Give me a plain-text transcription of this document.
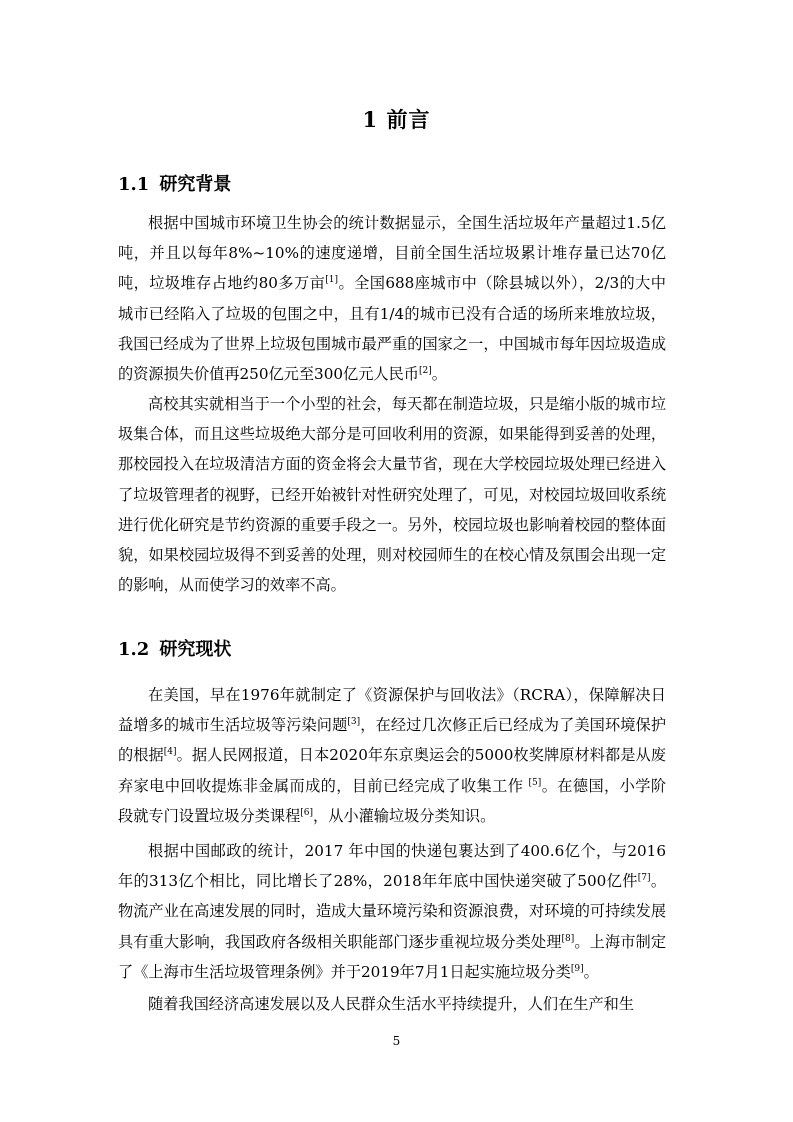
1 前言
1.1 研究背景

根据中国城市环境卫生协会的统计数据显示，全国生活垃圾年产量超过1.5亿吨，并且以每年8%~10%的速度递增，目前全国生活垃圾累计堆存量已达70亿吨，垃圾堆存占地约80多万亩[1]。全国688座城市中（除县城以外），2/3的大中城市已经陷入了垃圾的包围之中，且有1/4的城市已没有合适的场所来堆放垃圾，我国已经成为了世界上垃圾包围城市最严重的国家之一，中国城市每年因垃圾造成的资源损失价值再250亿元至300亿元人民币[2]。

高校其实就相当于一个小型的社会，每天都在制造垃圾，只是缩小版的城市垃圾集合体，而且这些垃圾绝大部分是可回收利用的资源，如果能得到妥善的处理，那校园投入在垃圾清洁方面的资金将会大量节省，现在大学校园垃圾处理已经进入了垃圾管理者的视野，已经开始被针对性研究处理了，可见，对校园垃圾回收系统进行优化研究是节约资源的重要手段之一。另外，校园垃圾也影响着校园的整体面貌，如果校园垃圾得不到妥善的处理，则对校园师生的在校心情及氛围会出现一定的影响，从而使学习的效率不高。

1.2 研究现状

在美国，早在1976年就制定了《资源保护与回收法》（RCRA），保障解决日益增多的城市生活垃圾等污染问题[3]，在经过几次修正后已经成为了美国环境保护的根据[4]。据人民网报道，日本2020年东京奥运会的5000枚奖牌原材料都是从废弃家电中回收提炼非金属而成的，目前已经完成了收集工作 [5]。在德国，小学阶段就专门设置垃圾分类课程[6]，从小灌输垃圾分类知识。

根据中国邮政的统计，2017 年中国的快递包裹达到了400.6亿个，与2016年的313亿个相比，同比增长了28%，2018年年底中国快递突破了500亿件[7]。物流产业在高速发展的同时，造成大量环境污染和资源浪费，对环境的可持续发展具有重大影响，我国政府各级相关职能部门逐步重视垃圾分类处理[8]。上海市制定了《上海市生活垃圾管理条例》并于2019年7月1日起实施垃圾分类[9]。

随着我国经济高速发展以及人民群众生活水平持续提升，人们在生产和生

5
